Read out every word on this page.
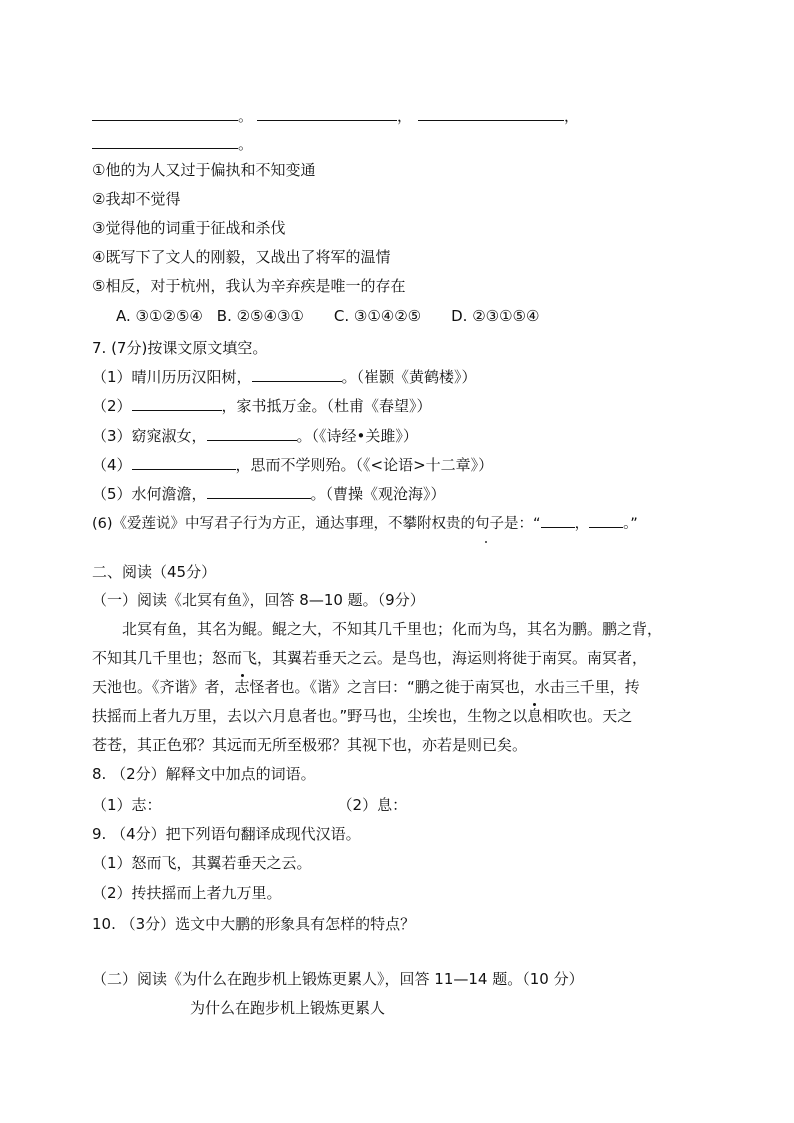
。	，	，
。
①他的为人又过于偏执和不知变通
②我却不觉得
③觉得他的词重于征战和杀伐
④既写下了文人的刚毅，又战出了将军的温情
⑤相反，对于杭州，我认为辛弃疾是唯一的存在
A. ③①②⑤④ B. ②⑤④③① C. ③①④②⑤ D. ②③①⑤④
7. (7分)按课文原文填空。
（1）晴川历历汉阳树，	。（崔颢《黄鹤楼》）
（2）	，家书抵万金。（杜甫《春望》）
（3）窈窕淑女，	。（《诗经•关雎》）
（4）	，思而不学则殆。（《<论语>十二章》）
（5）水何澹澹，	。（曹操《观沧海》）
(6)《爱莲说》中写君子行为方正，通达事理，不攀附权贵的句子是：“ ， 。”
二、阅读（45分）
（一）阅读《北冥有鱼》，回答 8—10 题。（9分）
北冥有鱼，其名为鲲。鲲之大，不知其几千里也；化而为鸟，其名为鹏。鹏之背，
不知其几千里也；怒而飞，其翼若垂天之云。是鸟也，海运则将徙于南冥。南冥者，
天池也。《齐谐》者，志怪者也。《谐》之言曰：“鹏之徙于南冥也，水击三千里，抟
扶摇而上者九万里，去以六月息者也。”野马也，尘埃也，生物之以息相吹也。天之
苍苍，其正色邪？其远而无所至极邪？其视下也，亦若是则已矣。
8. （2分）解释文中加点的词语。
（1）志：	（2）息：
9. （4分）把下列语句翻译成现代汉语。
（1）怒而飞，其翼若垂天之云。
（2）抟扶摇而上者九万里。
10. （3分）选文中大鹏的形象具有怎样的特点？
（二）阅读《为什么在跑步机上锻炼更累人》，回答 11—14 题。（10 分）
为什么在跑步机上锻炼更累人
